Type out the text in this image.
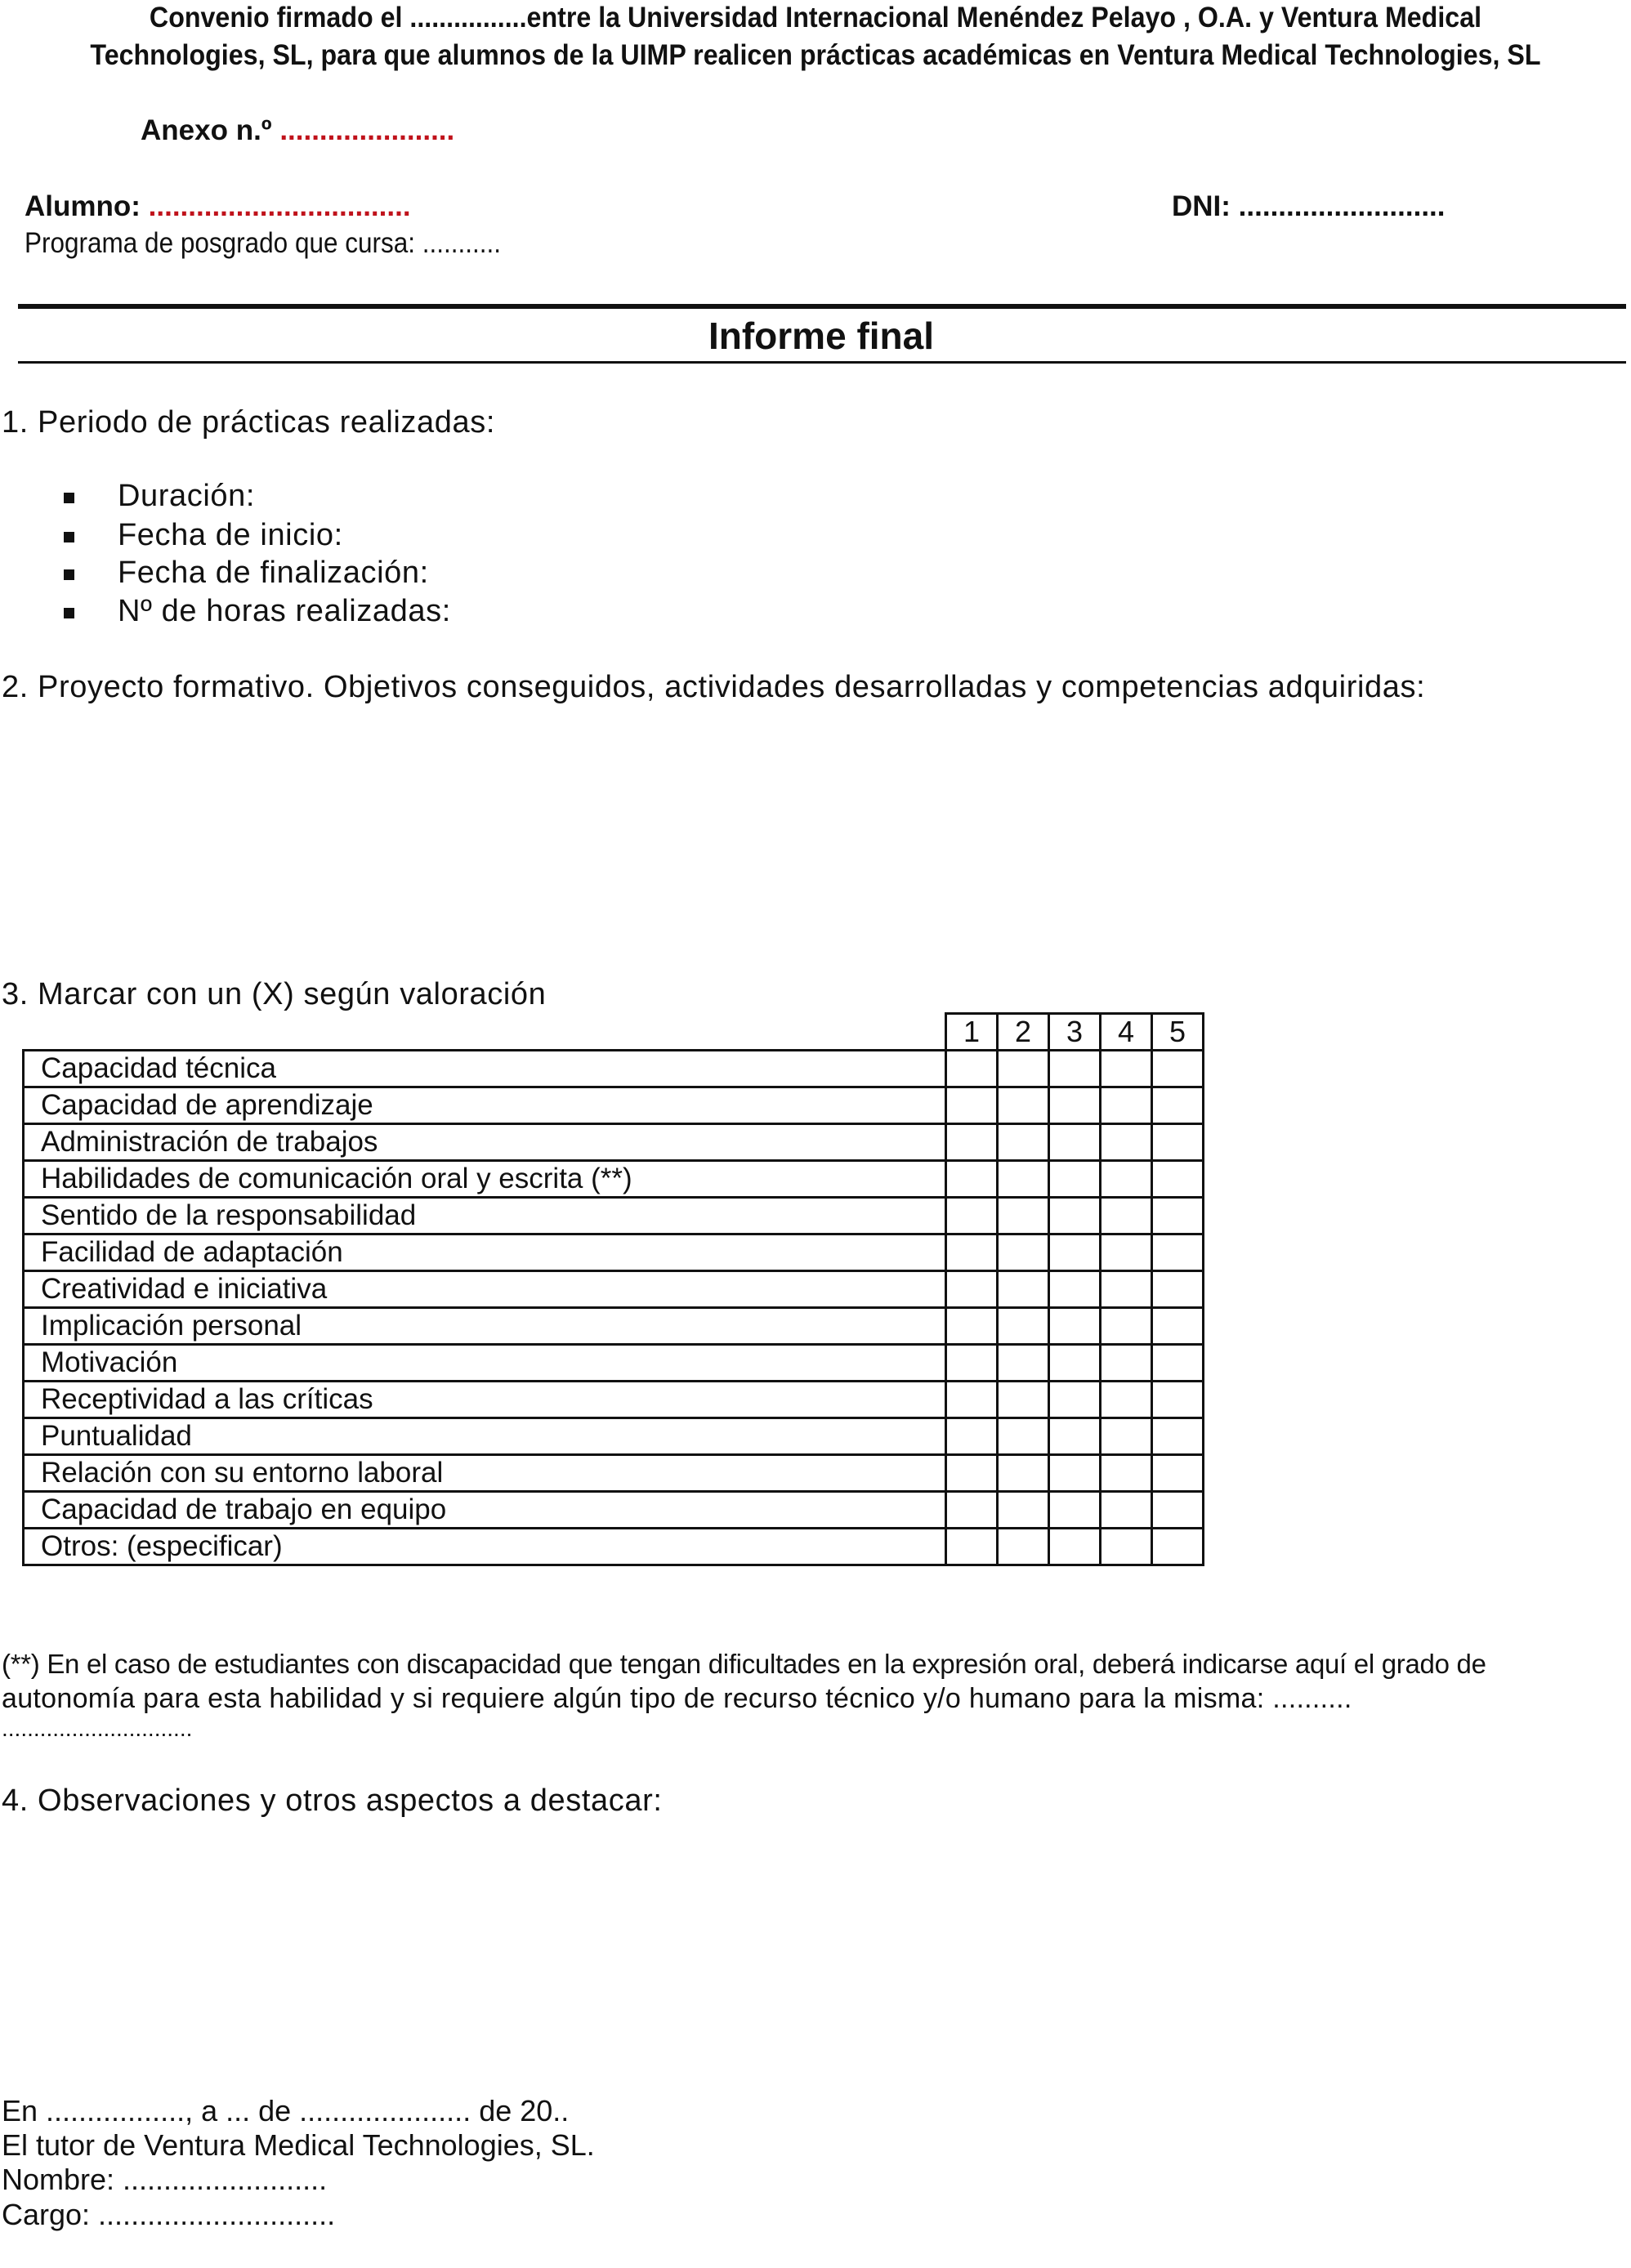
Convenio firmado el ................entre la Universidad Internacional Menéndez Pelayo , O.A. y Ventura Medical
Technologies, SL, para que alumnos de la UIMP realicen prácticas académicas en Ventura Medical Technologies, SL
Anexo n.º ......................
Alumno: .................................	DNI: ..........................
Programa de posgrado que cursa: ...........
Informe final
1. Periodo de prácticas realizadas:
Duración:
Fecha de inicio:
Fecha de finalización:
Nº de horas realizadas:
2. Proyecto formativo. Objetivos conseguidos, actividades desarrolladas y competencias adquiridas:
3. Marcar con un (X) según valoración
	1	2	3	4	5
Capacidad técnica					
Capacidad de aprendizaje					
Administración de trabajos					
Habilidades de comunicación oral y escrita (**)					
Sentido de la responsabilidad					
Facilidad de adaptación					
Creatividad e iniciativa					
Implicación personal					
Motivación					
Receptividad a las críticas					
Puntualidad					
Relación con su entorno laboral					
Capacidad de trabajo en equipo					
Otros: (especificar)					
(**) En el caso de estudiantes con discapacidad que tengan dificultades en la expresión oral, deberá indicarse aquí el grado de
autonomía para esta habilidad y si requiere algún tipo de recurso técnico y/o humano para la misma: ..........
..............................
4. Observaciones y otros aspectos a destacar:
En ................., a ... de ..................... de 20..
El tutor de Ventura Medical Technologies, SL.
Nombre: .........................
Cargo: .............................
